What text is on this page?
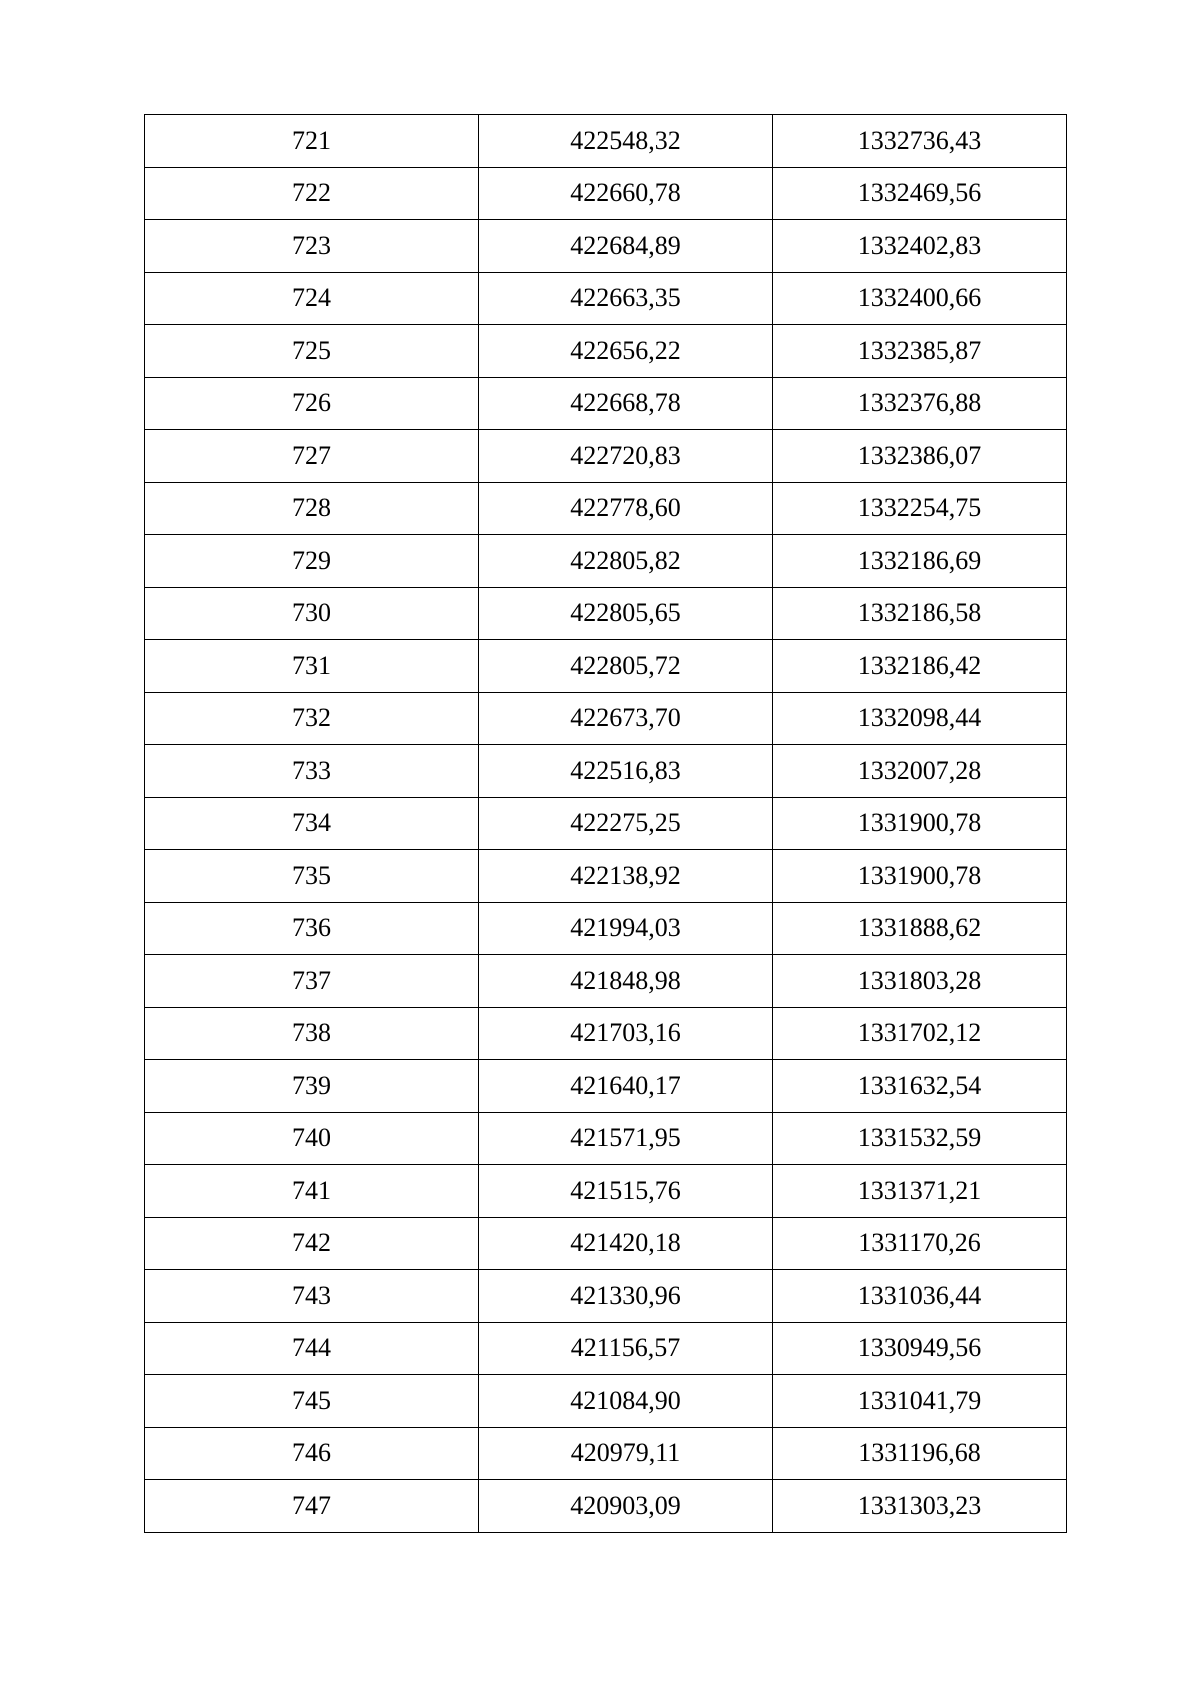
721	422548,32	1332736,43
722	422660,78	1332469,56
723	422684,89	1332402,83
724	422663,35	1332400,66
725	422656,22	1332385,87
726	422668,78	1332376,88
727	422720,83	1332386,07
728	422778,60	1332254,75
729	422805,82	1332186,69
730	422805,65	1332186,58
731	422805,72	1332186,42
732	422673,70	1332098,44
733	422516,83	1332007,28
734	422275,25	1331900,78
735	422138,92	1331900,78
736	421994,03	1331888,62
737	421848,98	1331803,28
738	421703,16	1331702,12
739	421640,17	1331632,54
740	421571,95	1331532,59
741	421515,76	1331371,21
742	421420,18	1331170,26
743	421330,96	1331036,44
744	421156,57	1330949,56
745	421084,90	1331041,79
746	420979,11	1331196,68
747	420903,09	1331303,23
